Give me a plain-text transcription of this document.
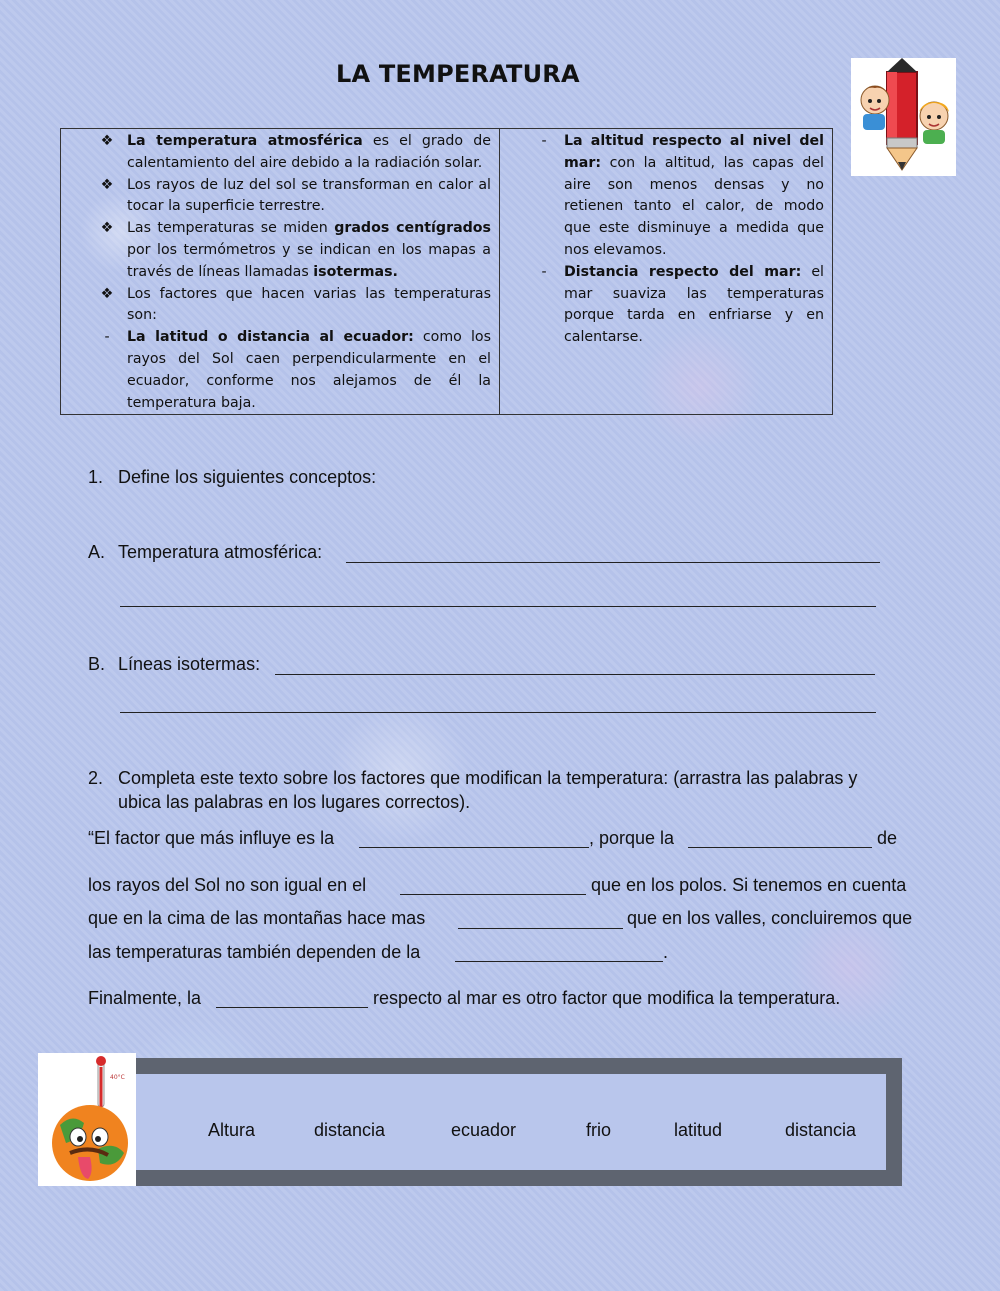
LA TEMPERATURA
❖ La temperatura atmosférica es el grado de calentamiento del aire debido a la radiación solar.
❖ Los rayos de luz del sol se transforman en calor al tocar la superficie terrestre.
❖ Las temperaturas se miden grados centígrados por los termómetros y se indican en los mapas a través de líneas llamadas isotermas.
❖ Los factores que hacen varias las temperaturas son:
-	La latitud o distancia al ecuador: como los rayos del Sol caen perpendicularmente en el ecuador, conforme nos alejamos de él la temperatura baja.
-	La altitud respecto al nivel del mar: con la altitud, las capas del aire son menos densas y no retienen tanto el calor, de modo que este disminuye a medida que nos elevamos.
-	Distancia respecto del mar: el mar suaviza las temperaturas porque tarda en enfriarse y en calentarse.
1. Define los siguientes conceptos:
A. Temperatura atmosférica:
B. Líneas isotermas:
2. Completa este texto sobre los factores que modifican la temperatura: (arrastra las palabras y
ubica las palabras en los lugares correctos).
“El factor que más influye es la	, porque la	de
los rayos del Sol no son igual en el	que en los polos. Si tenemos en cuenta
que en la cima de las montañas hace mas	que en los valles, concluiremos que
las temperaturas también dependen de la	.
Finalmente, la	respecto al mar es otro factor que modifica la temperatura.
40°C
Altura	distancia	ecuador	frio	latitud	distancia
